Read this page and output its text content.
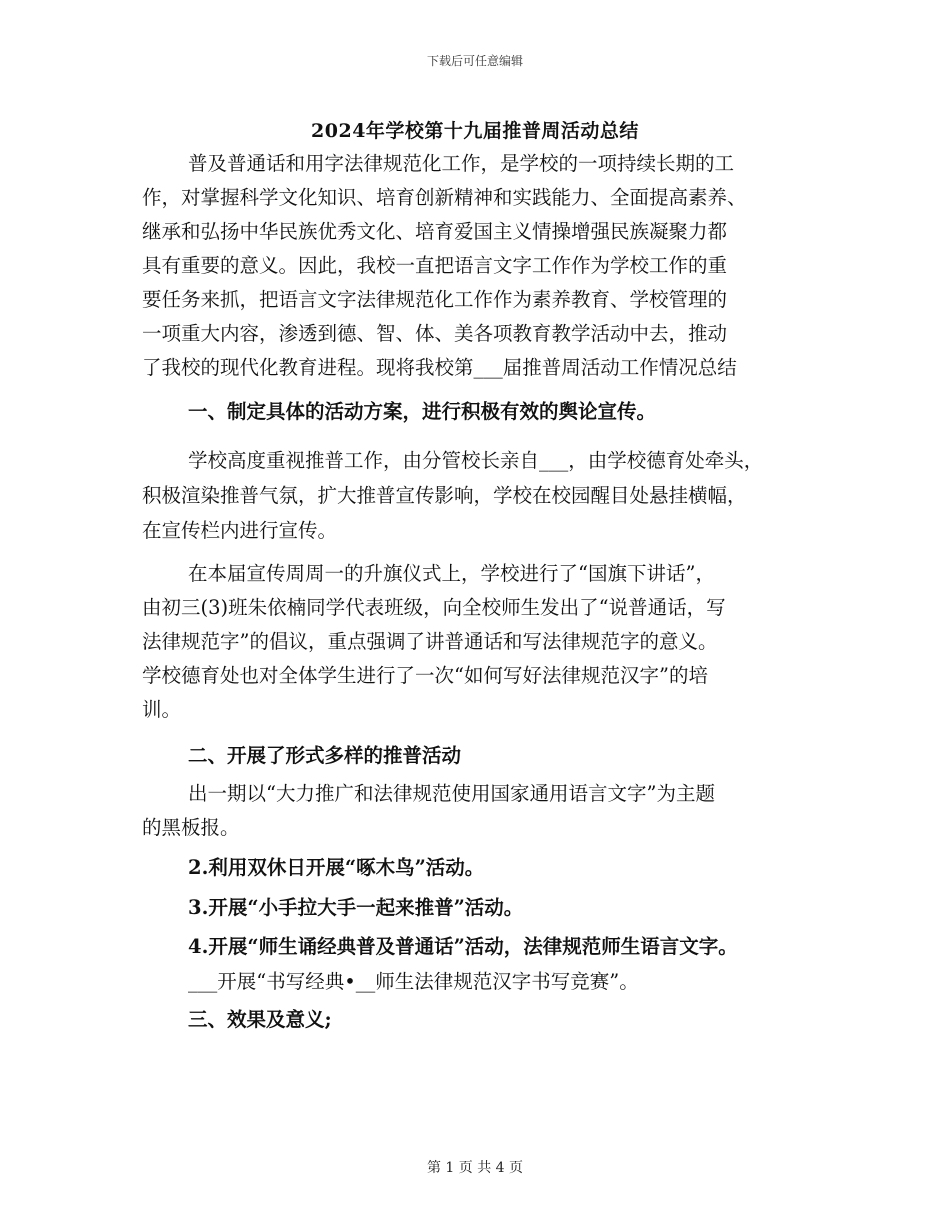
下载后可任意编辑
2024年学校第十九届推普周活动总结
普及普通话和用字法律规范化工作，是学校的一项持续长期的工
作，对掌握科学文化知识、培育创新精神和实践能力、全面提高素养、
继承和弘扬中华民族优秀文化、培育爱国主义情操增强民族凝聚力都
具有重要的意义。因此，我校一直把语言文字工作作为学校工作的重
要任务来抓，把语言文字法律规范化工作作为素养教育、学校管理的
一项重大内容，渗透到德、智、体、美各项教育教学活动中去，推动
了我校的现代化教育进程。现将我校第___届推普周活动工作情况总结
一、制定具体的活动方案，进行积极有效的舆论宣传。
学校高度重视推普工作，由分管校长亲自___，由学校德育处牵头，
积极渲染推普气氛，扩大推普宣传影响，学校在校园醒目处悬挂横幅，
在宣传栏内进行宣传。
在本届宣传周周一的升旗仪式上，学校进行了“国旗下讲话”，
由初三(3)班朱依楠同学代表班级，向全校师生发出了“说普通话，写
法律规范字”的倡议，重点强调了讲普通话和写法律规范字的意义。
学校德育处也对全体学生进行了一次“如何写好法律规范汉字”的培
训。
二、开展了形式多样的推普活动
出一期以“大力推广和法律规范使用国家通用语言文字”为主题
的黑板报。
2.利用双休日开展“啄木鸟”活动。
3.开展“小手拉大手一起来推普”活动。
4.开展“师生诵经典普及普通话”活动，法律规范师生语言文字。
___开展“书写经典•__师生法律规范汉字书写竞赛”。
三、效果及意义;
第 1 页 共 4 页
